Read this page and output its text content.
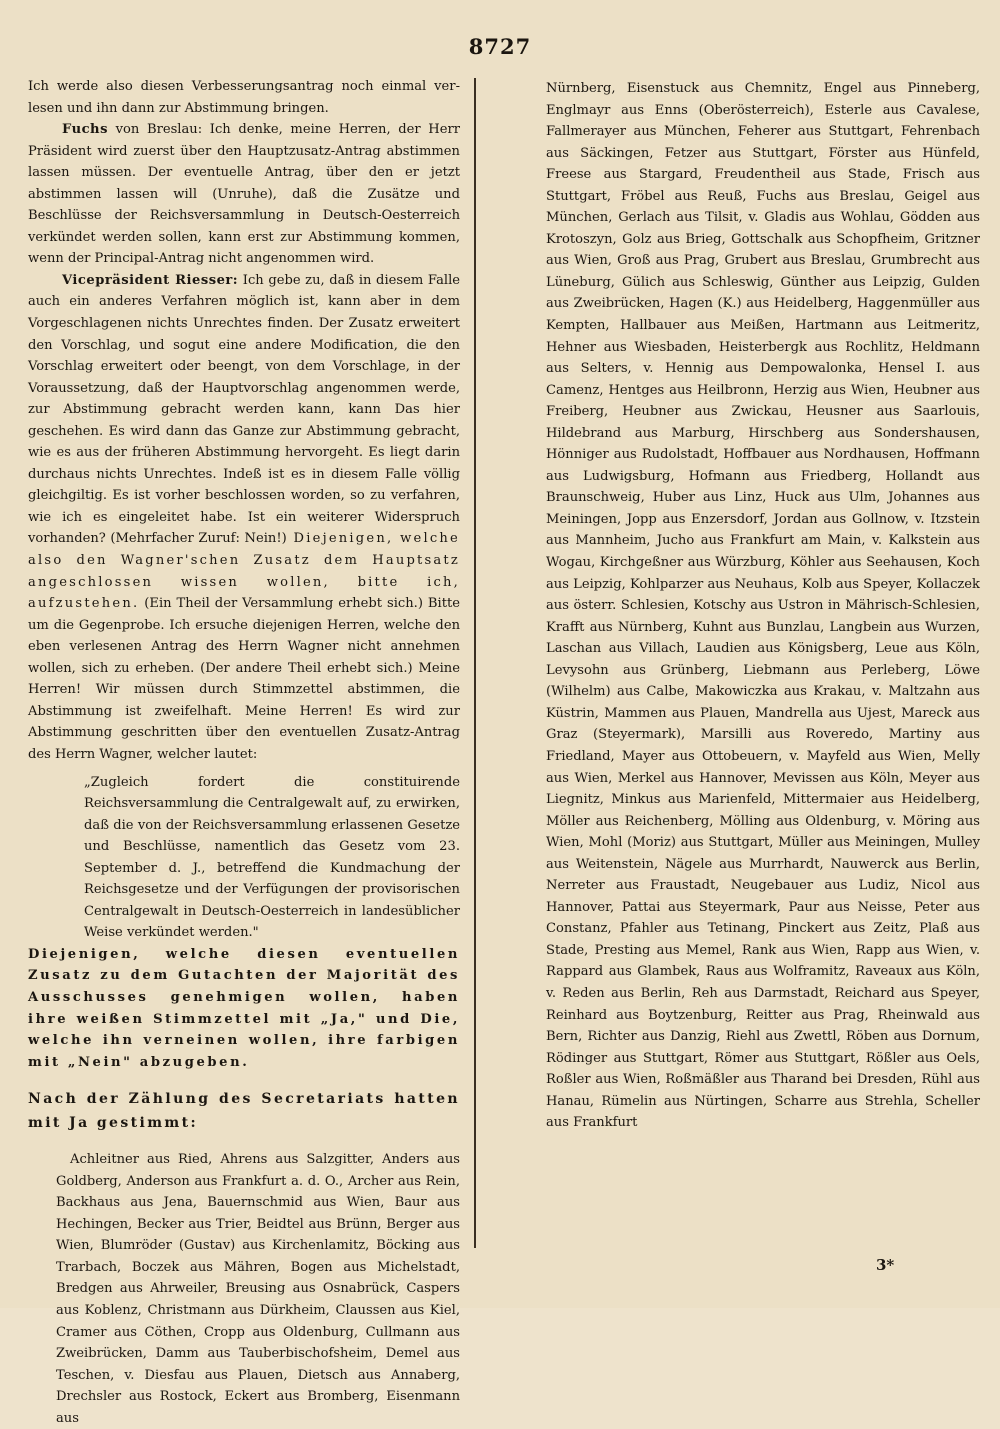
8727

Ich werde also diesen Verbesserungsantrag noch einmal ver-lesen und ihn dann zur Abstimmung bringen.

Fuchs von Breslau: Ich denke, meine Herren, der Herr Präsident wird zuerst über den Hauptzusatz-Antrag abstimmen lassen müssen. Der eventuelle Antrag, über den er jetzt abstimmen lassen will (Unruhe), daß die Zusätze und Beschlüsse der Reichsversammlung in Deutsch-Oesterreich verkündet werden sollen, kann erst zur Abstimmung kommen, wenn der Principal-Antrag nicht angenommen wird.

Vicepräsident Riesser: Ich gebe zu, daß in diesem Falle auch ein anderes Verfahren möglich ist, kann aber in dem Vorgeschlagenen nichts Unrechtes finden. Der Zusatz erweitert den Vorschlag, und sogut eine andere Modification, die den Vorschlag erweitert oder beengt, von dem Vorschlage, in der Voraussetzung, daß der Hauptvorschlag angenommen werde, zur Abstimmung gebracht werden kann, kann Das hier geschehen. Es wird dann das Ganze zur Abstimmung gebracht, wie es aus der früheren Abstimmung hervorgeht. Es liegt darin durchaus nichts Unrechtes. Indeß ist es in diesem Falle völlig gleichgiltig. Es ist vorher beschlossen worden, so zu verfahren, wie ich es eingeleitet habe. Ist ein weiterer Widerspruch vorhanden? (Mehrfacher Zuruf: Nein!) Diejenigen, welche also den Wagner'schen Zusatz dem Hauptsatz angeschlossen wissen wollen, bitte ich, aufzustehen. (Ein Theil der Versammlung erhebt sich.) Bitte um die Gegenprobe. Ich ersuche diejenigen Herren, welche den eben verlesenen Antrag des Herrn Wagner nicht annehmen wollen, sich zu erheben. (Der andere Theil erhebt sich.) Meine Herren! Wir müssen durch Stimmzettel abstimmen, die Abstimmung ist zweifelhaft. Meine Herren! Es wird zur Abstimmung geschritten über den eventuellen Zusatz-Antrag des Herrn Wagner, welcher lautet:

„Zugleich fordert die constituirende Reichsversammlung die Centralgewalt auf, zu erwirken, daß die von der Reichsversammlung erlassenen Gesetze und Beschlüsse, namentlich das Gesetz vom 23. September d. J., betreffend die Kundmachung der Reichsgesetze und der Verfügungen der provisorischen Centralgewalt in Deutsch-Oesterreich in landesüblicher Weise verkündet werden."

Diejenigen, welche diesen eventuellen Zusatz zu dem Gutachten der Majorität des Ausschusses genehmigen wollen, haben ihre weißen Stimmzettel mit „Ja," und Die, welche ihn verneinen wollen, ihre farbigen mit „Nein" abzugeben.

Nach der Zählung des Secretariats hatten mit Ja gestimmt:

Achleitner aus Ried, Ahrens aus Salzgitter, Anders aus Goldberg, Anderson aus Frankfurt a. d. O., Archer aus Rein, Backhaus aus Jena, Bauernschmid aus Wien, Baur aus Hechingen, Becker aus Trier, Beidtel aus Brünn, Berger aus Wien, Blumröder (Gustav) aus Kirchenlamitz, Böcking aus Trarbach, Boczek aus Mähren, Bogen aus Michelstadt, Bredgen aus Ahrweiler, Breusing aus Osnabrück, Caspers aus Koblenz, Christmann aus Dürkheim, Claussen aus Kiel, Cramer aus Cöthen, Cropp aus Oldenburg, Cullmann aus Zweibrücken, Damm aus Tauberbischofsheim, Demel aus Teschen, v. Diesfau aus Plauen, Dietsch aus Annaberg, Drechsler aus Rostock, Eckert aus Bromberg, Eisenmann aus

Nürnberg, Eisenstuck aus Chemnitz, Engel aus Pinneberg, Englmayr aus Enns (Oberösterreich), Esterle aus Cavalese, Fallmerayer aus München, Feherer aus Stuttgart, Fehrenbach aus Säckingen, Fetzer aus Stuttgart, Förster aus Hünfeld, Freese aus Stargard, Freudentheil aus Stade, Frisch aus Stuttgart, Fröbel aus Reuß, Fuchs aus Breslau, Geigel aus München, Gerlach aus Tilsit, v. Gladis aus Wohlau, Gödden aus Krotoszyn, Golz aus Brieg, Gottschalk aus Schopfheim, Gritzner aus Wien, Groß aus Prag, Grubert aus Breslau, Grumbrecht aus Lüneburg, Gülich aus Schleswig, Günther aus Leipzig, Gulden aus Zweibrücken, Hagen (K.) aus Heidelberg, Haggenmüller aus Kempten, Hallbauer aus Meißen, Hartmann aus Leitmeritz, Hehner aus Wiesbaden, Heisterbergk aus Rochlitz, Heldmann aus Selters, v. Hennig aus Dempowalonka, Hensel I. aus Camenz, Hentges aus Heilbronn, Herzig aus Wien, Heubner aus Freiberg, Heubner aus Zwickau, Heusner aus Saarlouis, Hildebrand aus Marburg, Hirschberg aus Sondershausen, Hönniger aus Rudolstadt, Hoffbauer aus Nordhausen, Hoffmann aus Ludwigsburg, Hofmann aus Friedberg, Hollandt aus Braunschweig, Huber aus Linz, Huck aus Ulm, Johannes aus Meiningen, Jopp aus Enzersdorf, Jordan aus Gollnow, v. Itzstein aus Mannheim, Jucho aus Frankfurt am Main, v. Kalkstein aus Wogau, Kirchgeßner aus Würzburg, Köhler aus Seehausen, Koch aus Leipzig, Kohlparzer aus Neuhaus, Kolb aus Speyer, Kollaczek aus österr. Schlesien, Kotschy aus Ustron in Mährisch-Schlesien, Krafft aus Nürnberg, Kuhnt aus Bunzlau, Langbein aus Wurzen, Laschan aus Villach, Laudien aus Königsberg, Leue aus Köln, Levysohn aus Grünberg, Liebmann aus Perleberg, Löwe (Wilhelm) aus Calbe, Makowiczka aus Krakau, v. Maltzahn aus Küstrin, Mammen aus Plauen, Mandrella aus Ujest, Mareck aus Graz (Steyermark), Marsilli aus Roveredo, Martiny aus Friedland, Mayer aus Ottobeuern, v. Mayfeld aus Wien, Melly aus Wien, Merkel aus Hannover, Mevissen aus Köln, Meyer aus Liegnitz, Minkus aus Marienfeld, Mittermaier aus Heidelberg, Möller aus Reichenberg, Mölling aus Oldenburg, v. Möring aus Wien, Mohl (Moriz) aus Stuttgart, Müller aus Meiningen, Mulley aus Weitenstein, Nägele aus Murrhardt, Nauwerck aus Berlin, Nerreter aus Fraustadt, Neugebauer aus Ludiz, Nicol aus Hannover, Pattai aus Steyermark, Paur aus Neisse, Peter aus Constanz, Pfahler aus Tetinang, Pinckert aus Zeitz, Plaß aus Stade, Presting aus Memel, Rank aus Wien, Rapp aus Wien, v. Rappard aus Glambek, Raus aus Wolframitz, Raveaux aus Köln, v. Reden aus Berlin, Reh aus Darmstadt, Reichard aus Speyer, Reinhard aus Boytzenburg, Reitter aus Prag, Rheinwald aus Bern, Richter aus Danzig, Riehl aus Zwettl, Röben aus Dornum, Rödinger aus Stuttgart, Römer aus Stuttgart, Rößler aus Oels, Roßler aus Wien, Roßmäßler aus Tharand bei Dresden, Rühl aus Hanau, Rümelin aus Nürtingen, Scharre aus Strehla, Scheller aus Frankfurt

3*
